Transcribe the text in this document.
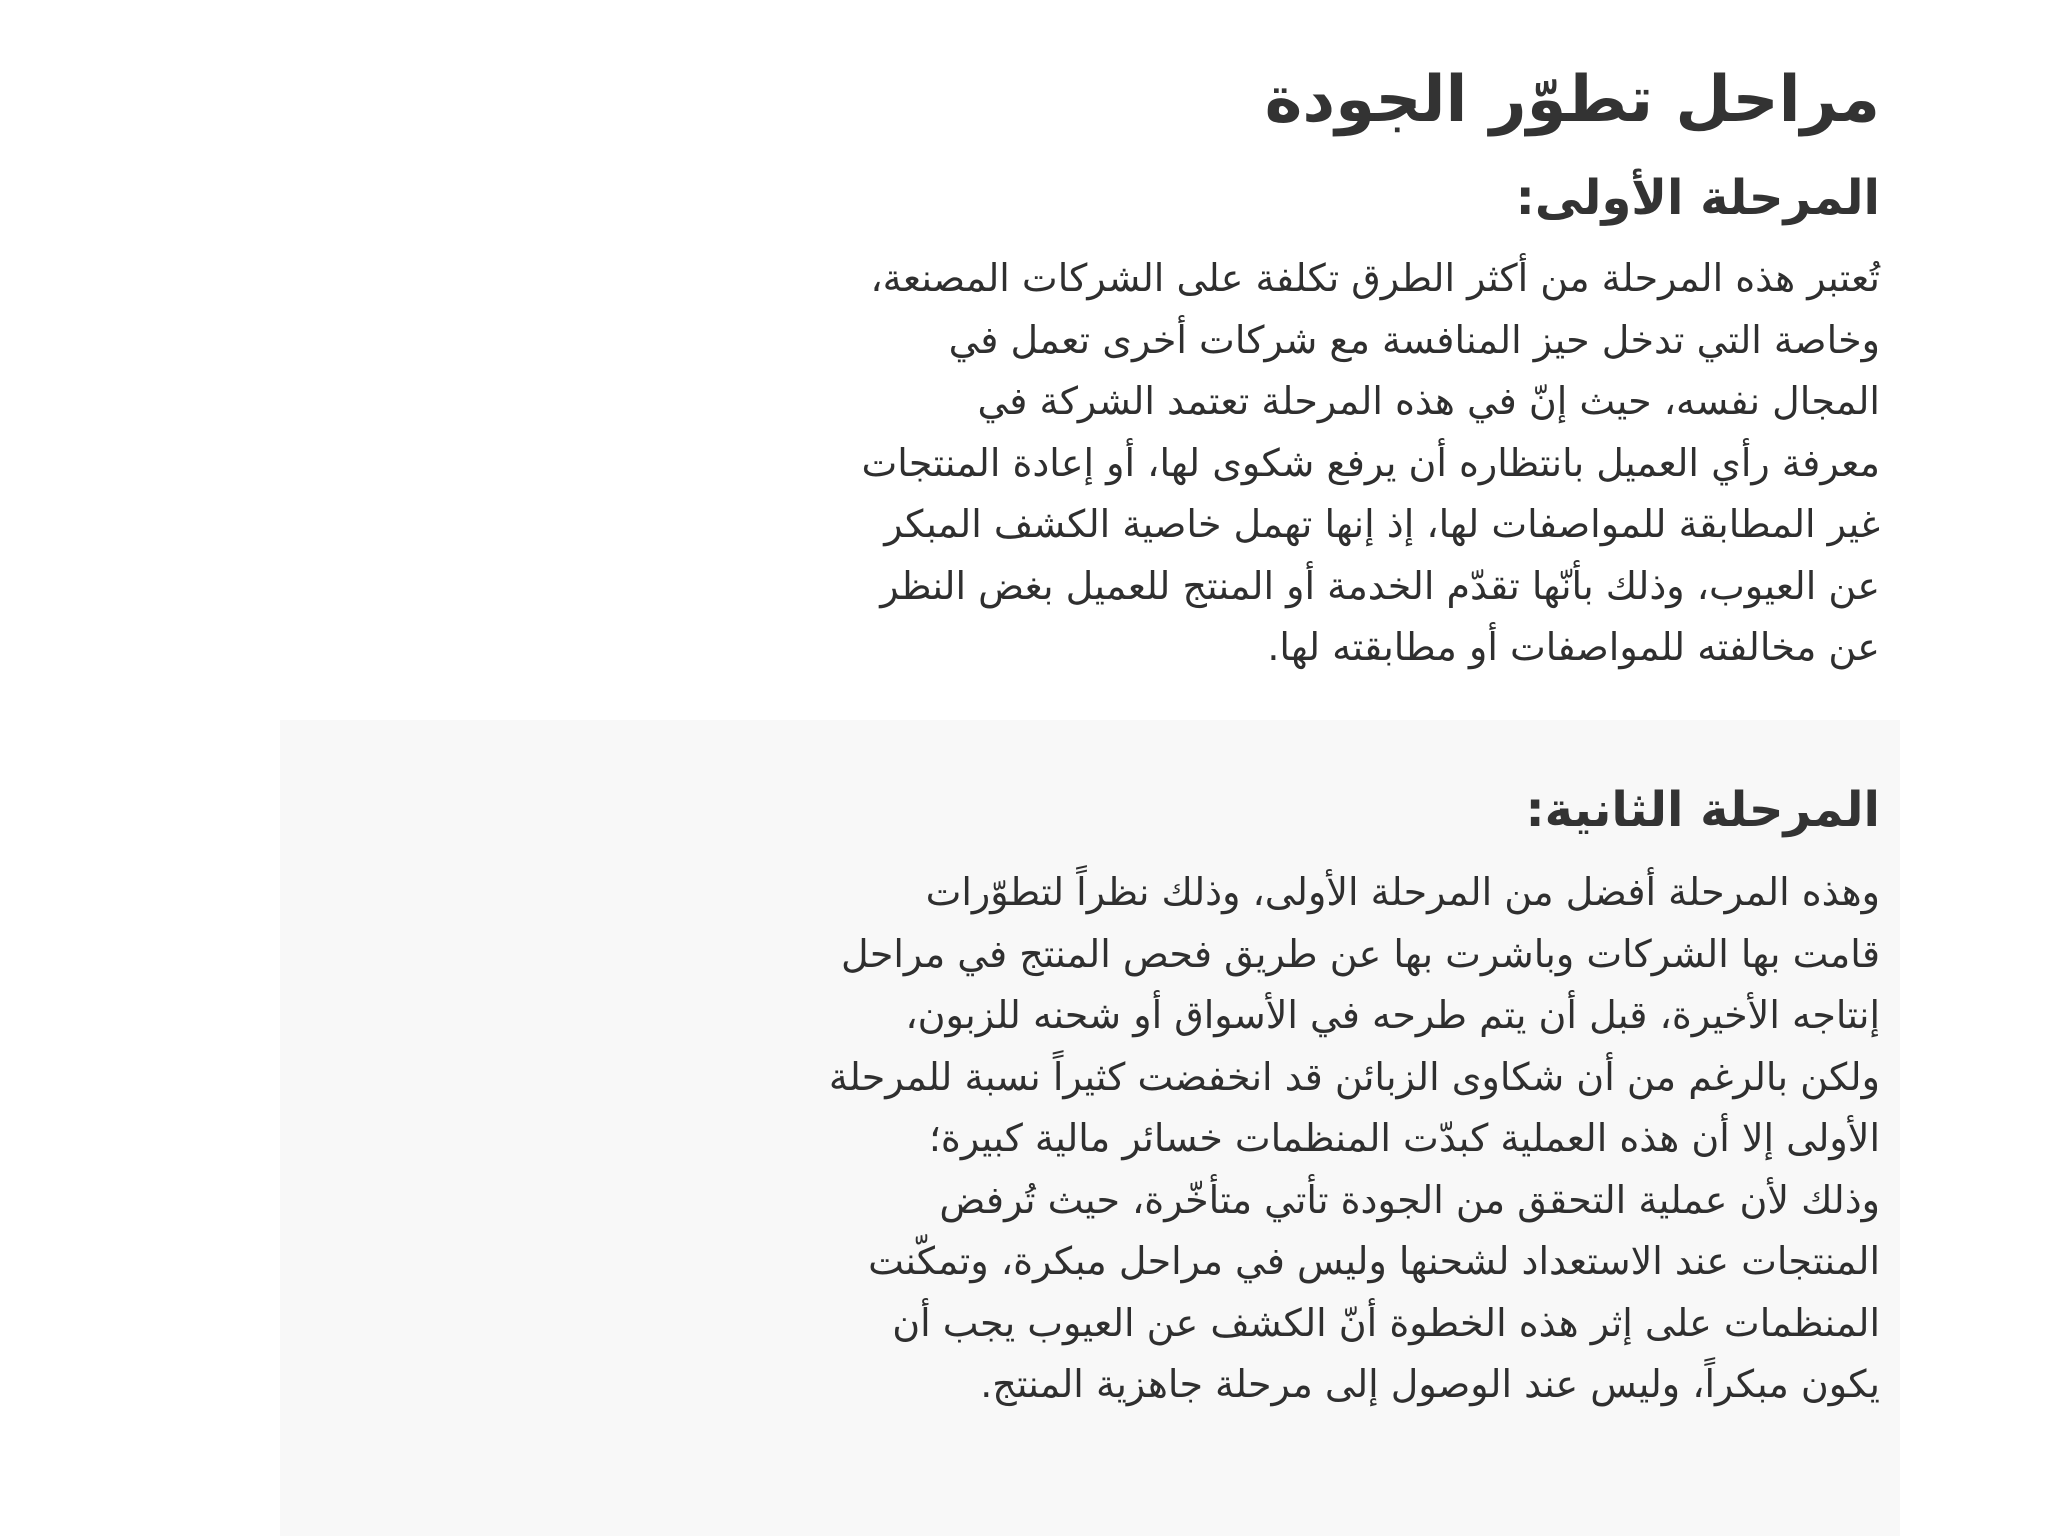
مراحل تطوّر الجودة
المرحلة الأولى:

تُعتبر هذه المرحلة من أكثر الطرق تكلفة على الشركات المصنعة،
وخاصة التي تدخل حيز المنافسة مع شركات أخرى تعمل في
المجال نفسه، حيث إنّ في هذه المرحلة تعتمد الشركة في
معرفة رأي العميل بانتظاره أن يرفع شكوى لها، أو إعادة المنتجات
غير المطابقة للمواصفات لها، إذ إنها تهمل خاصية الكشف المبكر
عن العيوب، وذلك بأنّها تقدّم الخدمة أو المنتج للعميل بغض النظر
عن مخالفته للمواصفات أو مطابقته لها.

المرحلة الثانية:

وهذه المرحلة أفضل من المرحلة الأولى، وذلك نظراً لتطوّرات
قامت بها الشركات وباشرت بها عن طريق فحص المنتج في مراحل
إنتاجه الأخيرة، قبل أن يتم طرحه في الأسواق أو شحنه للزبون،
ولكن بالرغم من أن شكاوى الزبائن قد انخفضت كثيراً نسبة للمرحلة
الأولى إلا أن هذه العملية كبدّت المنظمات خسائر مالية كبيرة؛
وذلك لأن عملية التحقق من الجودة تأتي متأخّرة، حيث تُرفض
المنتجات عند الاستعداد لشحنها وليس في مراحل مبكرة، وتمكّنت
المنظمات على إثر هذه الخطوة أنّ الكشف عن العيوب يجب أن
يكون مبكراً، وليس عند الوصول إلى مرحلة جاهزية المنتج.
